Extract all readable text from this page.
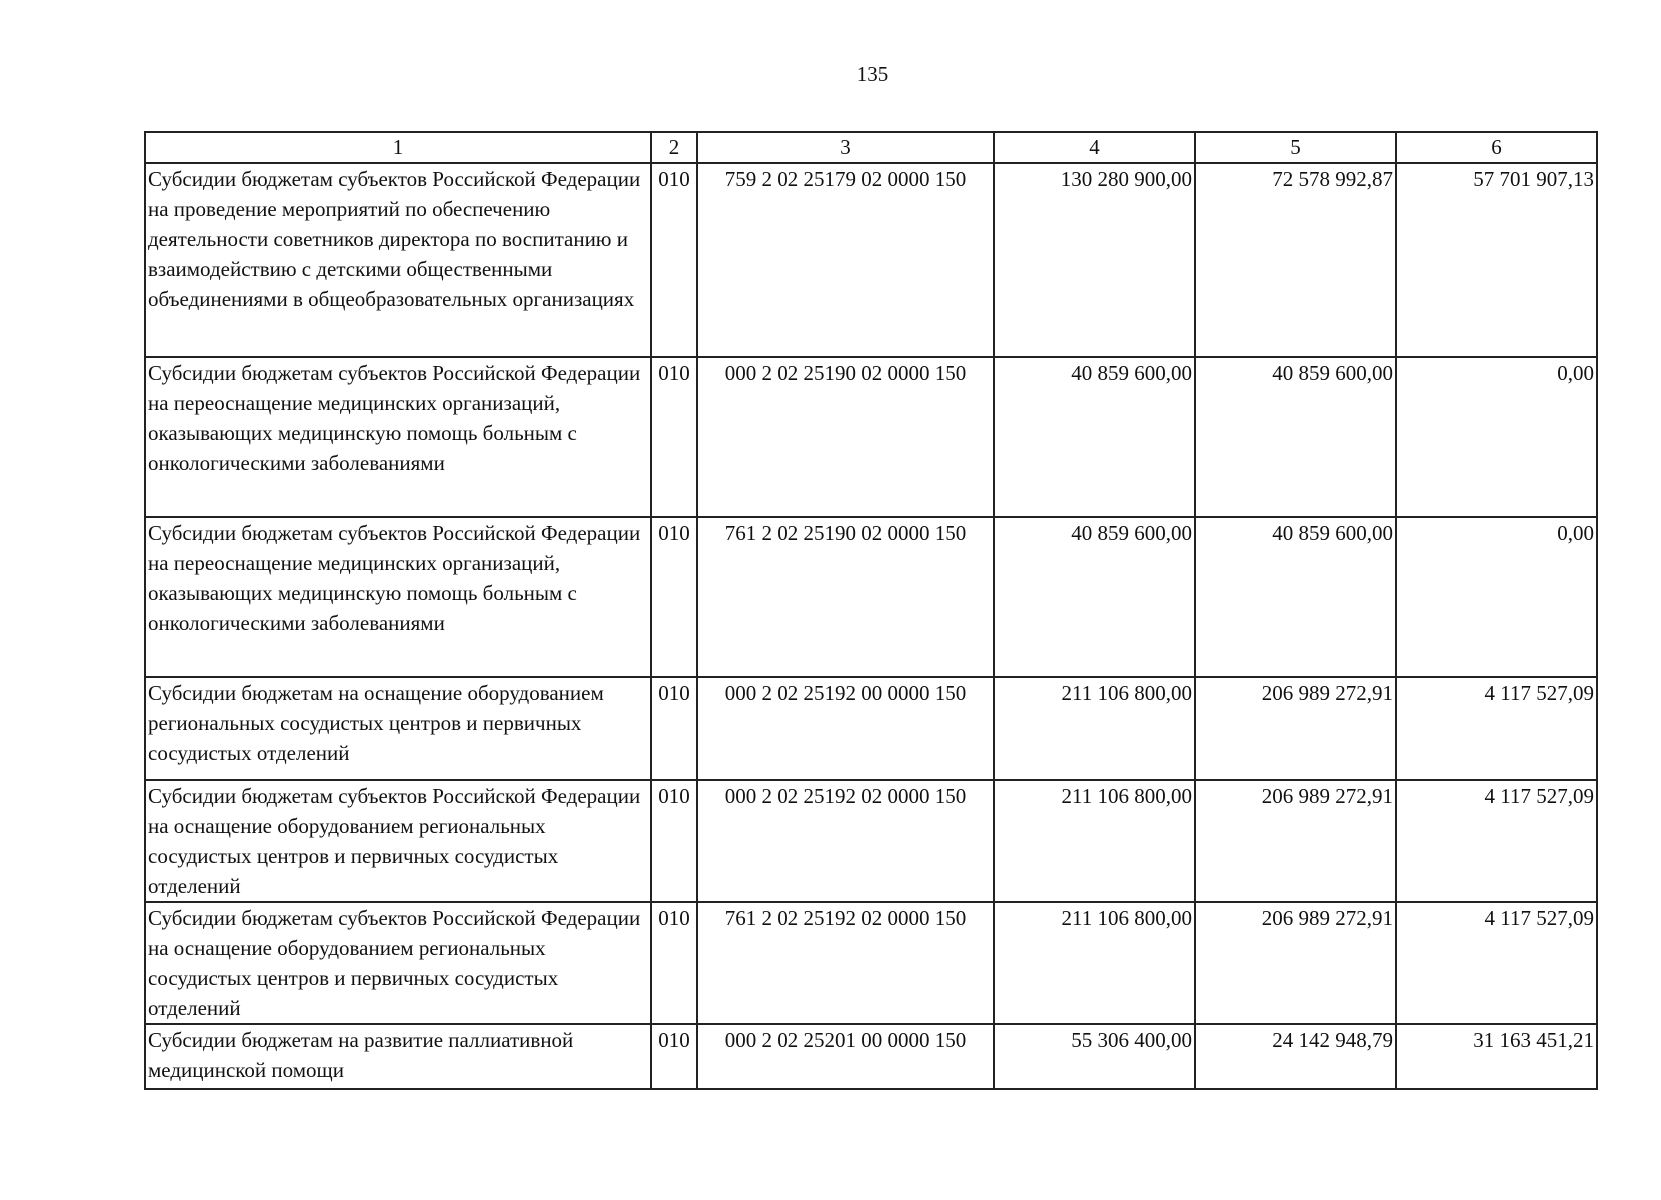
135
1	2	3	4	5	6
Субсидии бюджетам субъектов Российской Федерации на проведение мероприятий по обеспечению деятельности советников директора по воспитанию и взаимодействию с детскими общественными объединениями в общеобразовательных организациях	010	759 2 02 25179 02 0000 150	130 280 900,00	72 578 992,87	57 701 907,13
Субсидии бюджетам субъектов Российской Федерации на переоснащение медицинских организаций, оказывающих медицинскую помощь больным с онкологическими заболеваниями	010	000 2 02 25190 02 0000 150	40 859 600,00	40 859 600,00	0,00
Субсидии бюджетам субъектов Российской Федерации на переоснащение медицинских организаций, оказывающих медицинскую помощь больным с онкологическими заболеваниями	010	761 2 02 25190 02 0000 150	40 859 600,00	40 859 600,00	0,00
Субсидии бюджетам на оснащение оборудованием региональных сосудистых центров и первичных сосудистых отделений	010	000 2 02 25192 00 0000 150	211 106 800,00	206 989 272,91	4 117 527,09
Субсидии бюджетам субъектов Российской Федерации на оснащение оборудованием региональных сосудистых центров и первичных сосудистых отделений	010	000 2 02 25192 02 0000 150	211 106 800,00	206 989 272,91	4 117 527,09
Субсидии бюджетам субъектов Российской Федерации на оснащение оборудованием региональных сосудистых центров и первичных сосудистых отделений	010	761 2 02 25192 02 0000 150	211 106 800,00	206 989 272,91	4 117 527,09
Субсидии бюджетам на развитие паллиативной медицинской помощи	010	000 2 02 25201 00 0000 150	55 306 400,00	24 142 948,79	31 163 451,21
